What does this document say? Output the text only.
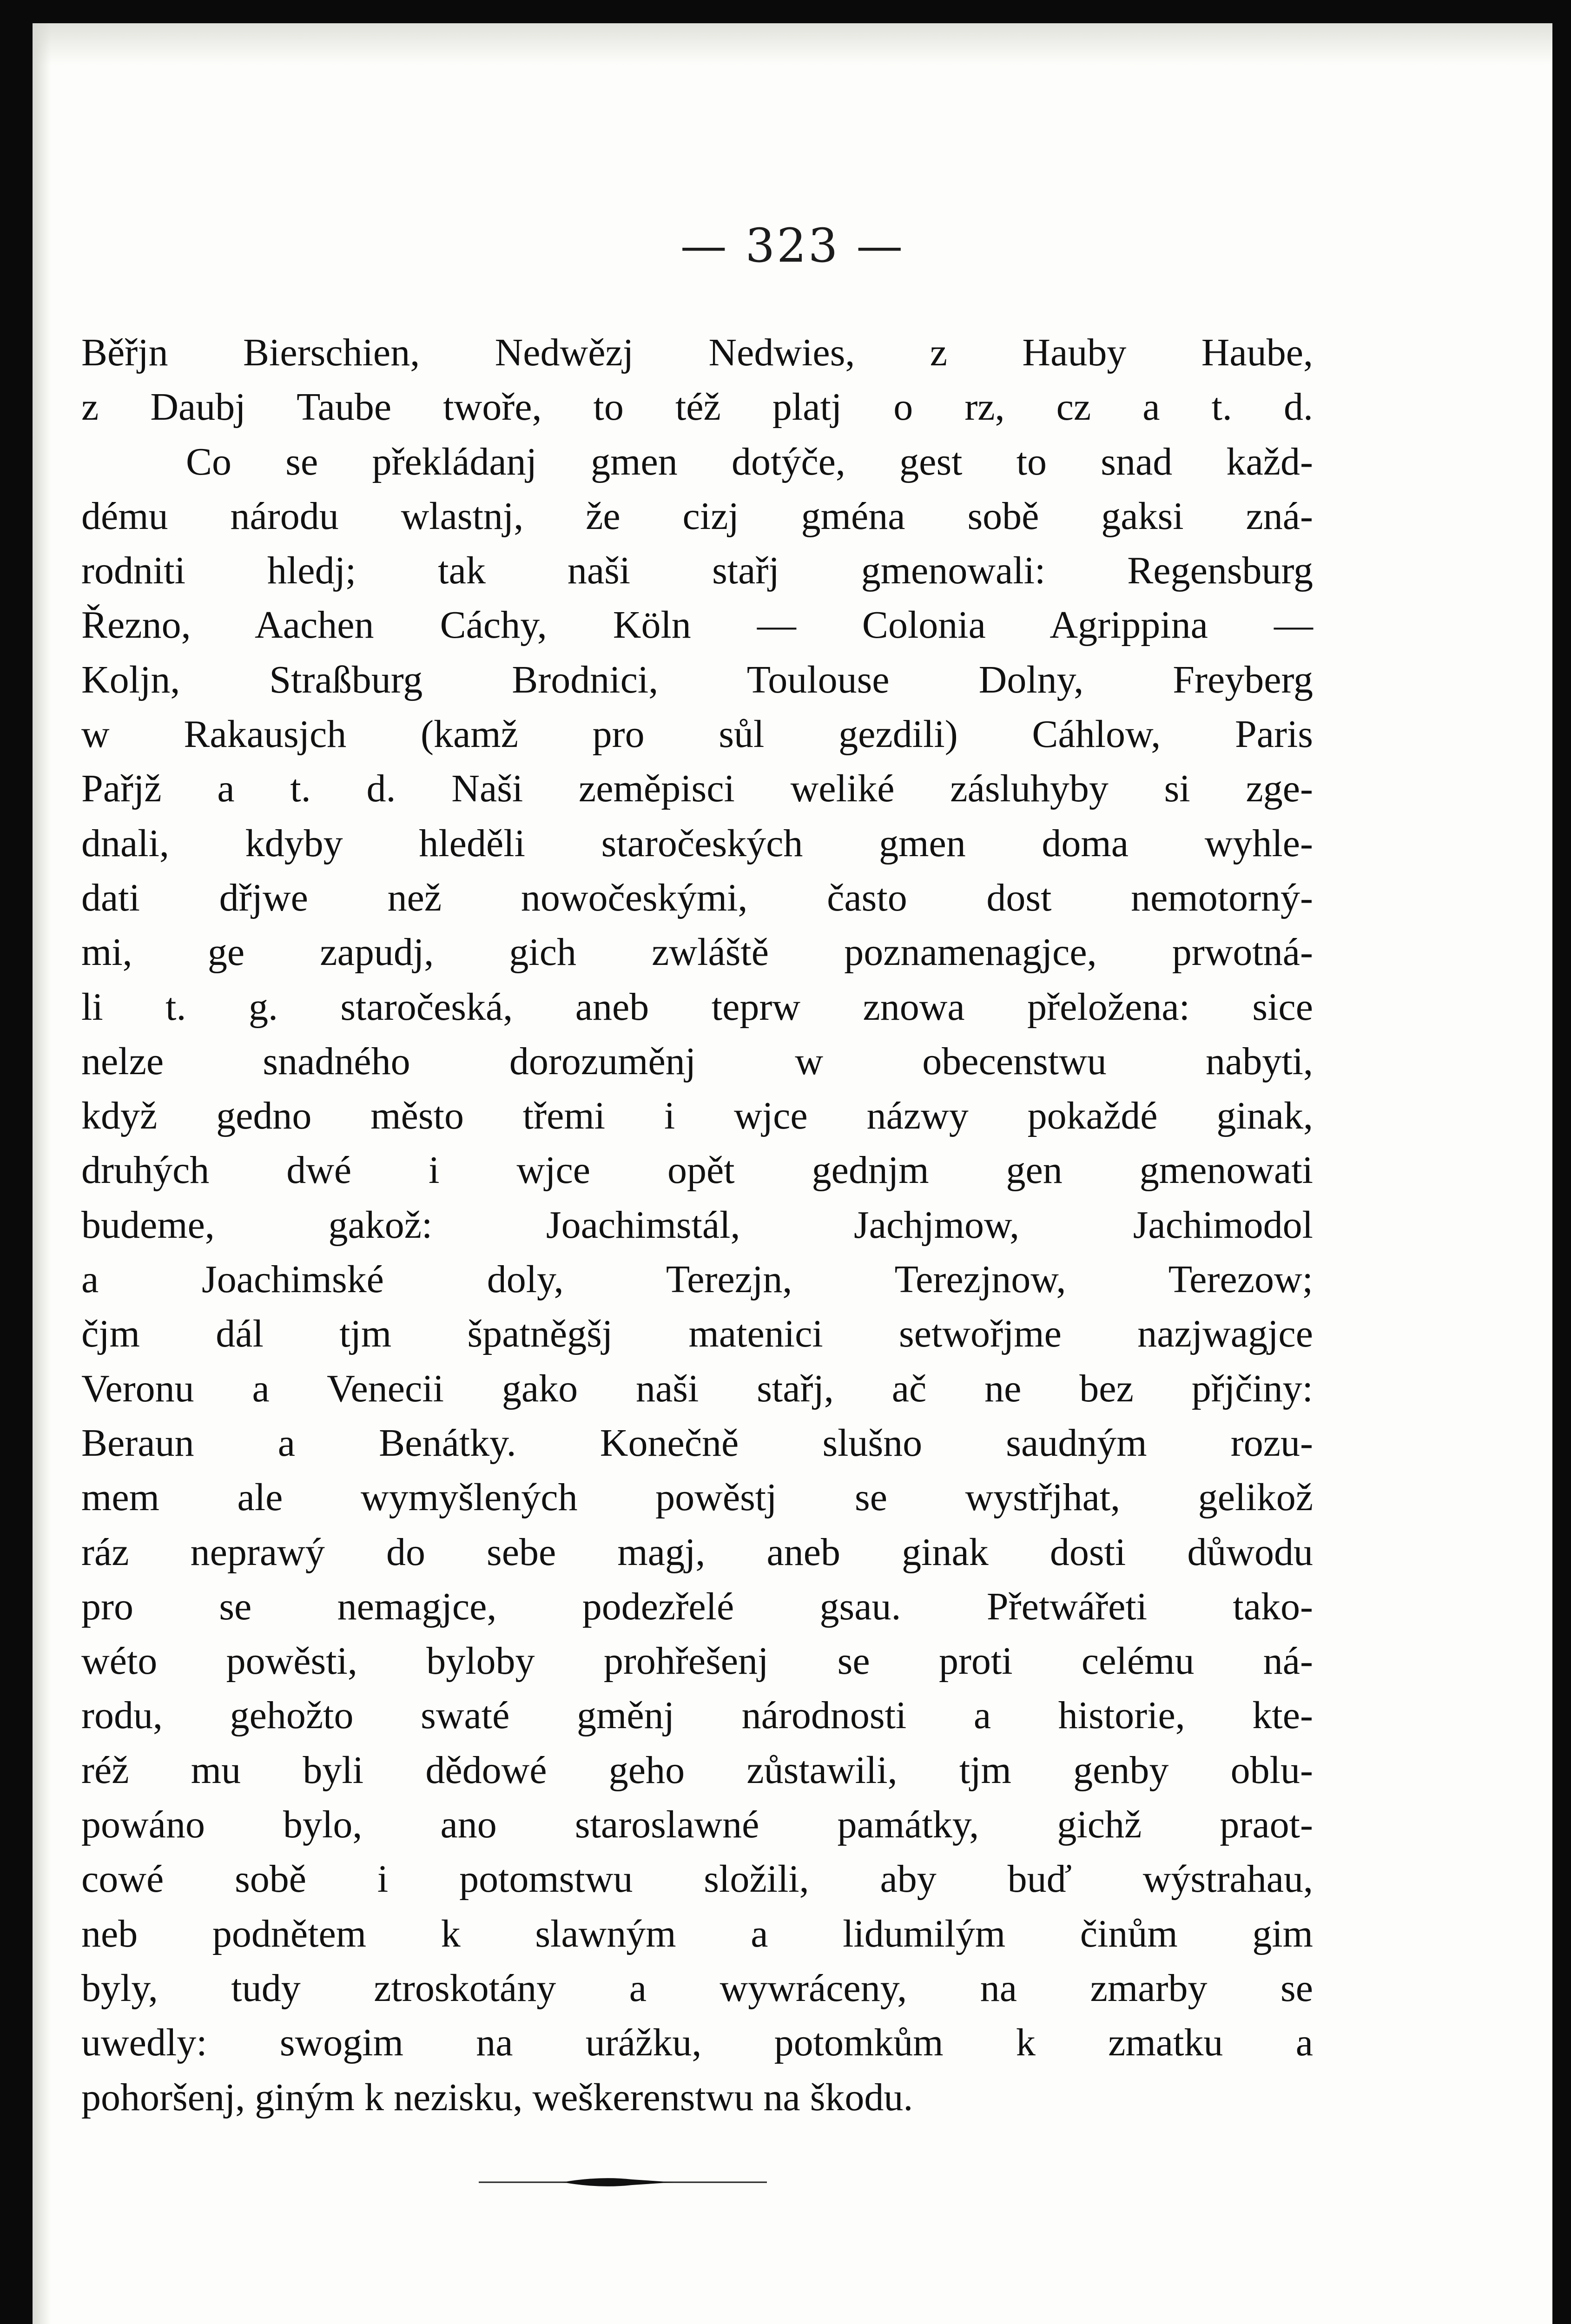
— 323 —
Běřjn Bierschien, Nedwězj Nedwies, z Hauby Haube,
z Daubj Taube twoře, to též platj o rz, cz a t. d.
Co se překládanj gmen dotýče, gest to snad každ-
dému národu wlastnj, že cizj gména sobě gaksi zná-
rodniti hledj; tak naši stařj gmenowali: Regensburg
Řezno, Aachen Cáchy, Köln — Colonia Agrippina —
Koljn, Straßburg Brodnici, Toulouse Dolny, Freyberg
w Rakausjch (kamž pro sůl gezdili) Cáhlow, Paris
Pařjž a t. d. Naši zeměpisci weliké zásluhyby si zge-
dnali, kdyby hleděli staročeských gmen doma wyhle-
dati dřjwe než nowočeskými, často dost nemotorný-
mi, ge zapudj, gich zwláště poznamenagjce, prwotná-
li t. g. staročeská, aneb teprw znowa přeložena: sice
nelze snadného dorozuměnj w obecenstwu nabyti,
když gedno město třemi i wjce názwy pokaždé ginak,
druhých dwé i wjce opět gednjm gen gmenowati
budeme, gakož: Joachimstál, Jachjmow, Jachimodol
a Joachimské doly, Terezjn, Terezjnow, Terezow;
čjm dál tjm špatněgšj matenici setwořjme nazjwagjce
Veronu a Venecii gako naši stařj, ač ne bez přjčiny:
Beraun a Benátky. Konečně slušno saudným rozu-
mem ale wymyšlených powěstj se wystřjhat, gelikož
ráz neprawý do sebe magj, aneb ginak dosti důwodu
pro se nemagjce, podezřelé gsau. Přetwářeti tako-
wéto powěsti, byloby prohřešenj se proti celému ná-
rodu, gehožto swaté gměnj národnosti a historie, kte-
réž mu byli dědowé geho zůstawili, tjm genby oblu-
powáno bylo, ano staroslawné památky, gichž praot-
cowé sobě i potomstwu složili, aby buď wýstrahau,
neb podnětem k slawným a lidumilým činům gim
byly, tudy ztroskotány a wywráceny, na zmarby se
uwedly: swogim na urážku, potomkům k zmatku a
pohoršenj, giným k nezisku, weškerenstwu na škodu.
